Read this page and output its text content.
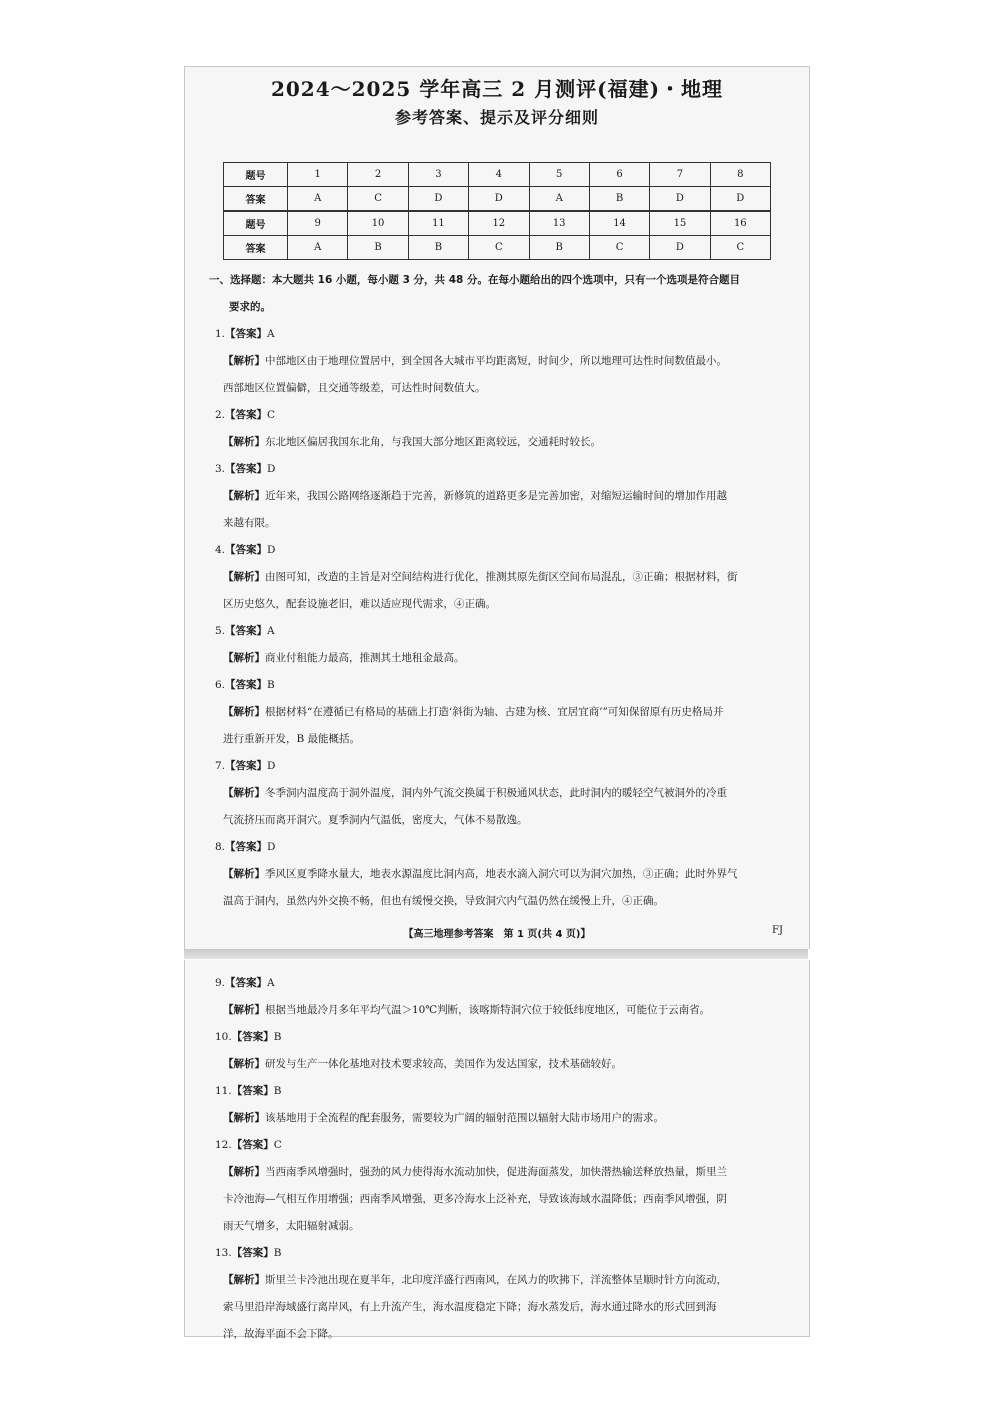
2024～2025 学年高三 2 月测评(福建)・地理
参考答案、提示及评分细则
题号	1	2	3	4	5	6	7	8
答案	A	C	D	D	A	B	D	D
题号	9	10	11	12	13	14	15	16
答案	A	B	B	C	B	C	D	C

一、选择题：本大题共 16 小题，每小题 3 分，共 48 分。在每小题给出的四个选项中，只有一个选项是符合题目
要求的。

1.【答案】A

【解析】中部地区由于地理位置居中，到全国各大城市平均距离短，时间少，所以地理可达性时间数值最小。

西部地区位置偏僻，且交通等级差，可达性时间数值大。

2.【答案】C

【解析】东北地区偏居我国东北角，与我国大部分地区距离较远，交通耗时较长。

3.【答案】D

【解析】近年来，我国公路网络逐渐趋于完善，新修筑的道路更多是完善加密，对缩短运输时间的增加作用越

来越有限。

4.【答案】D

【解析】由图可知，改造的主旨是对空间结构进行优化，推测其原先街区空间布局混乱，③正确；根据材料，街

区历史悠久，配套设施老旧，难以适应现代需求，④正确。

5.【答案】A

【解析】商业付租能力最高，推测其土地租金最高。

6.【答案】B

【解析】根据材料“在遵循已有格局的基础上打造‘斜街为轴、古建为核、宜居宜商’”可知保留原有历史格局并

进行重新开发，B 最能概括。

7.【答案】D

【解析】冬季洞内温度高于洞外温度，洞内外气流交换属于积极通风状态，此时洞内的暖轻空气被洞外的冷重

气流挤压而离开洞穴。夏季洞内气温低，密度大，气体不易散逸。

8.【答案】D

【解析】季风区夏季降水量大，地表水源温度比洞内高，地表水滴入洞穴可以为洞穴加热，③正确；此时外界气

温高于洞内，虽然内外交换不畅，但也有缓慢交换，导致洞穴内气温仍然在缓慢上升，④正确。

【高三地理参考答案　第 1 页(共 4 页)】	FJ

9.【答案】A

【解析】根据当地最冷月多年平均气温＞10℃判断，该喀斯特洞穴位于较低纬度地区，可能位于云南省。

10.【答案】B

【解析】研发与生产一体化基地对技术要求较高，美国作为发达国家，技术基础较好。

11.【答案】B

【解析】该基地用于全流程的配套服务，需要较为广阔的辐射范围以辐射大陆市场用户的需求。

12.【答案】C

【解析】当西南季风增强时，强劲的风力使得海水流动加快，促进海面蒸发，加快潜热输送释放热量，斯里兰

卡冷池海—气相互作用增强；西南季风增强，更多冷海水上泛补充，导致该海域水温降低；西南季风增强，阴

雨天气增多，太阳辐射减弱。

13.【答案】B

【解析】斯里兰卡冷池出现在夏半年，北印度洋盛行西南风，在风力的吹拂下，洋流整体呈顺时针方向流动，

索马里沿岸海域盛行离岸风，有上升流产生，海水温度稳定下降；海水蒸发后，海水通过降水的形式回到海

洋，故海平面不会下降。
